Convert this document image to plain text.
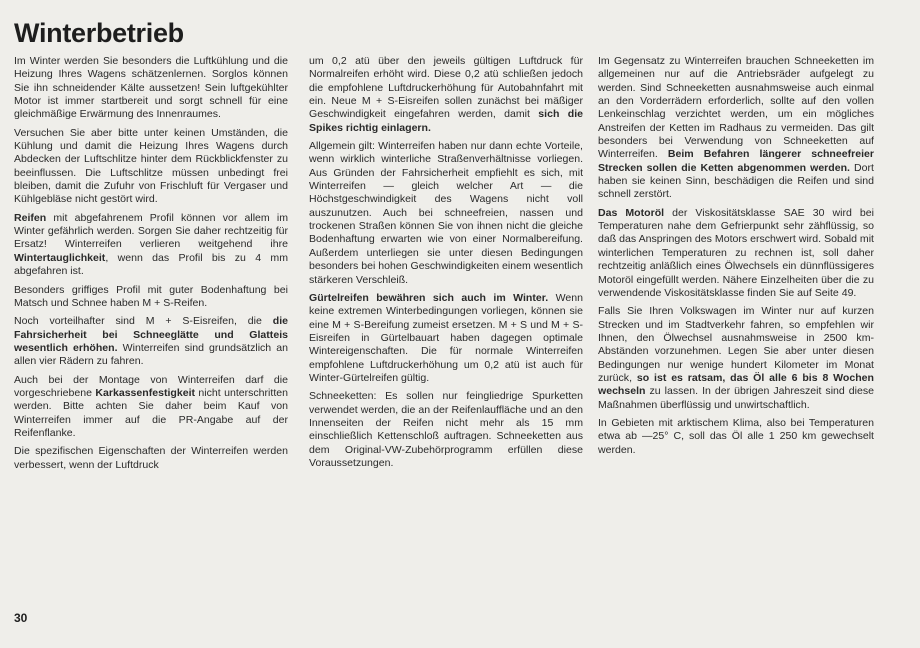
Winterbetrieb

Im Winter werden Sie besonders die Luftkühlung und die Heizung Ihres Wagens schätzenlernen. Sorglos können Sie ihn schneidender Kälte aussetzen! Sein luftgekühlter Motor ist immer startbereit und sorgt schnell für eine gleichmäßige Erwärmung des Innenraumes.

Versuchen Sie aber bitte unter keinen Umständen, die Kühlung und damit die Heizung Ihres Wagens durch Abdecken der Luftschlitze hinter dem Rückblickfenster zu beeinflussen. Die Luftschlitze müssen unbedingt frei bleiben, damit die Zufuhr von Frischluft für Vergaser und Kühlgebläse nicht gestört wird.

Reifen mit abgefahrenem Profil können vor allem im Winter gefährlich werden. Sorgen Sie daher rechtzeitig für Ersatz! Winterreifen verlieren weitgehend ihre Wintertauglichkeit, wenn das Profil bis zu 4 mm abgefahren ist.

Besonders griffiges Profil mit guter Bodenhaftung bei Matsch und Schnee haben M + S-Reifen.

Noch vorteilhafter sind M + S-Eisreifen, die die Fahrsicherheit bei Schneeglätte und Glatteis wesentlich erhöhen. Winterreifen sind grundsätzlich an allen vier Rädern zu fahren.

Auch bei der Montage von Winterreifen darf die vorgeschriebene Karkassenfestigkeit nicht unterschritten werden. Bitte achten Sie daher beim Kauf von Winterreifen immer auf die PR-Angabe auf der Reifenflanke.

Die spezifischen Eigenschaften der Winterreifen werden verbessert, wenn der Luftdruck

um 0,2 atü über den jeweils gültigen Luftdruck für Normalreifen erhöht wird. Diese 0,2 atü schließen jedoch die empfohlene Luftdruckerhöhung für Autobahnfahrt mit ein. Neue M + S-Eisreifen sollen zunächst bei mäßiger Geschwindigkeit eingefahren werden, damit sich die Spikes richtig einlagern.

Allgemein gilt: Winterreifen haben nur dann echte Vorteile, wenn wirklich winterliche Straßenverhältnisse vorliegen. Aus Gründen der Fahrsicherheit empfiehlt es sich, mit Winterreifen — gleich welcher Art — die Höchstgeschwindigkeit des Wagens nicht voll auszunutzen. Auch bei schneefreien, nassen und trockenen Straßen können Sie von ihnen nicht die gleiche Bodenhaftung erwarten wie von einer Normalbereifung. Außerdem unterliegen sie unter diesen Bedingungen besonders bei hohen Geschwindigkeiten einem wesentlich stärkeren Verschleiß.

Gürtelreifen bewähren sich auch im Winter. Wenn keine extremen Winterbedingungen vorliegen, können sie eine M + S-Bereifung zumeist ersetzen. M + S und M + S-Eisreifen in Gürtelbauart haben dagegen optimale Wintereigenschaften. Die für normale Winterreifen empfohlene Luftdruckerhöhung um 0,2 atü ist auch für Winter-Gürtelreifen gültig.

Schneeketten: Es sollen nur feingliedrige Spurketten verwendet werden, die an der Reifenlauffläche und an den Innenseiten der Reifen nicht mehr als 15 mm einschließlich Kettenschloß auftragen. Schneeketten aus dem Original-VW-Zubehörprogramm erfüllen diese Voraussetzungen.

Im Gegensatz zu Winterreifen brauchen Schneeketten im allgemeinen nur auf die Antriebsräder aufgelegt zu werden. Sind Schneeketten ausnahmsweise auch einmal an den Vorderrädern erforderlich, sollte auf den vollen Lenkeinschlag verzichtet werden, um ein mögliches Anstreifen der Ketten im Radhaus zu vermeiden. Das gilt besonders bei Verwendung von Schneeketten auf Winterreifen. Beim Befahren längerer schneefreier Strecken sollen die Ketten abgenommen werden. Dort haben sie keinen Sinn, beschädigen die Reifen und sind schnell zerstört.

Das Motoröl der Viskositätsklasse SAE 30 wird bei Temperaturen nahe dem Gefrierpunkt sehr zähflüssig, so daß das Anspringen des Motors erschwert wird. Sobald mit winterlichen Temperaturen zu rechnen ist, soll daher rechtzeitig anläßlich eines Ölwechsels ein dünnflüssigeres Motoröl eingefüllt werden. Nähere Einzelheiten über die zu verwendende Viskositätsklasse finden Sie auf Seite 49.

Falls Sie Ihren Volkswagen im Winter nur auf kurzen Strecken und im Stadtverkehr fahren, so empfehlen wir Ihnen, den Ölwechsel ausnahmsweise in 2500 km-Abständen vorzunehmen. Legen Sie aber unter diesen Bedingungen nur wenige hundert Kilometer im Monat zurück, so ist es ratsam, das Öl alle 6 bis 8 Wochen wechseln zu lassen. In der übrigen Jahreszeit sind diese Maßnahmen überflüssig und unwirtschaftlich.

In Gebieten mit arktischem Klima, also bei Temperaturen etwa ab —25° C, soll das Öl alle 1 250 km gewechselt werden.

30
